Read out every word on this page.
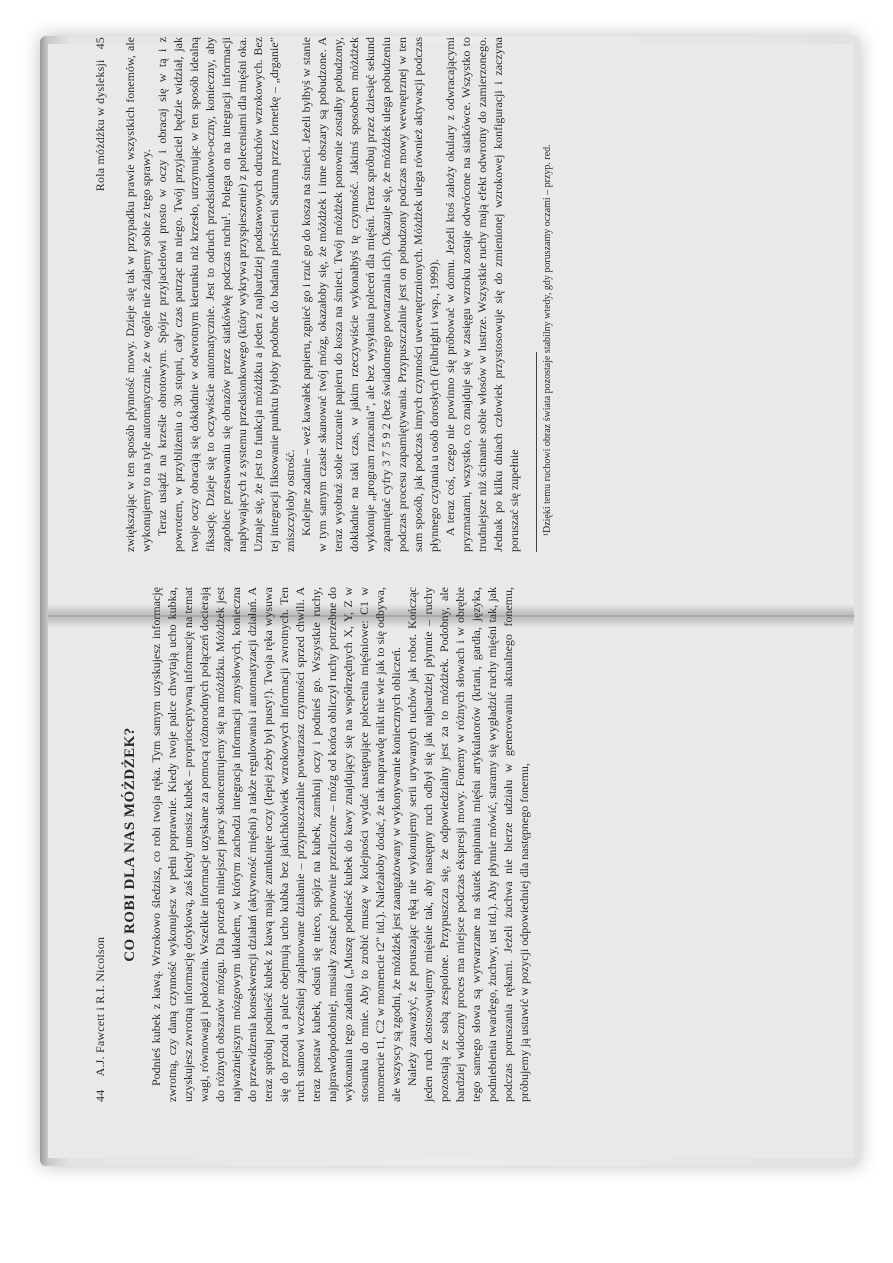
Rola móżdżku w dysleksji
45 zwiększając w ten sposób płynność mowy. Dzieje się tak w przypadku prawie wszystkich fonemów, ale wykonujemy to na tyle automatycznie, że w ogóle nie zdajemy sobie z tego sprawy. Teraz usiądź na krześle obrotowym. Spójrz przyjacielowi prosto w oczy i obracaj się w tą i z powrotem, w przybliżeniu o 30 stopni, cały czas patrząc na niego. Twój przyjaciel będzie widział, jak twoje oczy obracają się dokładnie w odwrotnym kierunku niż krzesło, utrzymując w ten sposób idealną fiksację. Dzieje się to oczywiście automatycznie. Jest to odruch przedsionkowo-oczny, konieczny, aby zapobiec przesuwaniu się obrazów przez siatkówkę podczas ruchu¹. Polega on na integracji informacji napływających z systemu przedsionkowego (który wykrywa przyspieszenie) z poleceniami dla mięśni oka. Uznaje się, że jest to funkcja móżdżku a jeden z najbardziej podstawowych odruchów wzrokowych. Bez tej integracji fiksowanie punktu byłoby podobne do badania pierścieni Saturna przez lornetkę – „drganie” zniszczyłoby ostrość. Kolejne zadanie – weź kawałek papieru, zgnieć go i rzuć go do kosza na śmieci. Jeżeli byłbyś w stanie w tym samym czasie skanować twój mózg, okazałoby się, że móżdżek i inne obszary są pobudzone. A teraz wyobraź sobie rzucanie papieru do kosza na śmieci. Twój móżdżek ponownie zostałby pobudzony, dokładnie na taki czas, w jakim rzeczywiście wykonałbyś tę czynność. Jakimś sposobem móżdżek wykonuje „program rzucania”, ale bez wysyłania poleceń dla mięśni. Teraz spróbuj przez dziesięć sekund zapamiętać cyfry 3 7 5 9 2 (bez świadomego powtarzania ich). Okazuje się, że móżdżek ulega pobudzeniu podczas procesu zapamiętywania. Przypuszczalnie jest on pobudzony podczas mowy wewnętrznej w ten sam sposób, jak podczas innych czynności uwewnętrznionych. Móżdżek ulega również aktywacji podczas płynnego czytania u osób dorosłych (Fulbright i wsp., 1999). A teraz coś, czego nie powinno się próbować w domu. Jeżeli ktoś założy okulary z odwracającymi pryzmatami, wszystko, co znajduje się w zasięgu wzroku zostaje odwrócone na siatkówce. Wszystko to trudniejsze niż ścinanie sobie włosów w lustrze. Wszystkie ruchy mają efekt odwrotny do zamierzonego. Jednak po kilku dniach człowiek przystosowuje się do zmienionej wzrokowej konfiguracji i zaczyna poruszać się zupełnie ¹Dzięki temu ruchowi obraz świata pozostaje stabilny wtedy, gdy poruszamy oczami – przyp. red.

44 A.J. Fawcett i R.I. Nicolson
CO ROBI DLA NAS MÓŻDŻEK? Podnieś kubek z kawą. Wzrokowo śledzisz, co robi twoja ręka. Tym samym uzyskujesz informację zwrotną, czy daną czynność wykonujesz w pełni poprawnie. Kiedy twoje palce chwytają ucho kubka, uzyskujesz zwrotną informację dotykową, zaś kiedy unosisz kubek – proprioceptywną informację na temat wagi, równowagi i położenia. Wszelkie informacje uzyskane za pomocą różnorodnych połączeń docierają do różnych obszarów mózgu. Dla potrzeb niniejszej pracy skoncentrujemy się na móżdżku. Móżdżek jest najważniejszym mózgowym układem, w którym zachodzi integracja informacji zmysłowych, konieczna do przewidzenia konsekwencji działań (aktywność mięśni) a także regulowania i automatyzacji działań. A teraz spróbuj podnieść kubek z kawą mając zamknięte oczy (lepiej żeby był pusty!). Twoja ręka wysuwa się do przodu a palce obejmują ucho kubka bez jakichkolwiek wzrokowych informacji zwrotnych. Ten ruch stanowi wcześniej zaplanowane działanie – przypuszczalnie powtarzasz czynności sprzed chwili. A teraz postaw kubek, odsuń się nieco, spójrz na kubek, zamknij oczy i podnieś go. Wszystkie ruchy, najprawdopodobniej, musiały zostać ponownie przeliczone – mózg od końca obliczył ruchy potrzebne do wykonania tego zadania („Muszę podnieść kubek do kawy znajdujący się na współrzędnych X, Y, Z w stosunku do mnie. Aby to zrobić muszę w kolejności wydać następujące polecenia mięśniowe: C1 w momencie t1, C2 w momencie t2” itd.). Należałoby dodać, że tak naprawdę nikt nie wie jak to się odbywa, ale wszyscy są zgodni, że móżdżek jest zaangażowany w wykonywanie koniecznych obliczeń. Należy zauważyć, że poruszając ręką nie wykonujemy serii urywanych ruchów jak robot. Kończąc jeden ruch dostosowujemy mięśnie tak, aby następny ruch odbył się jak najbardziej płynnie – ruchy pozostają ze sobą zespolone. Przypuszcza się, że odpowiedzialny jest za to móżdżek. Podobny, ale bardziej widoczny proces ma miejsce podczas ekspresji mowy. Fonemy w różnych słowach i w obrębie tego samego słowa są wytwarzane na skutek napinania mięśni artykulatorów (krtani, gardła, języka, podniebienia twardego, żuchwy, ust itd.). Aby płynnie mówić, staramy się wygładzić ruchy mięśni tak, jak podczas poruszania rękami. Jeżeli żuchwa nie bierze udziału w generowaniu aktualnego fonemu, próbujemy ją ustawić w pozycji odpowiedniej dla następnego fonemu,
